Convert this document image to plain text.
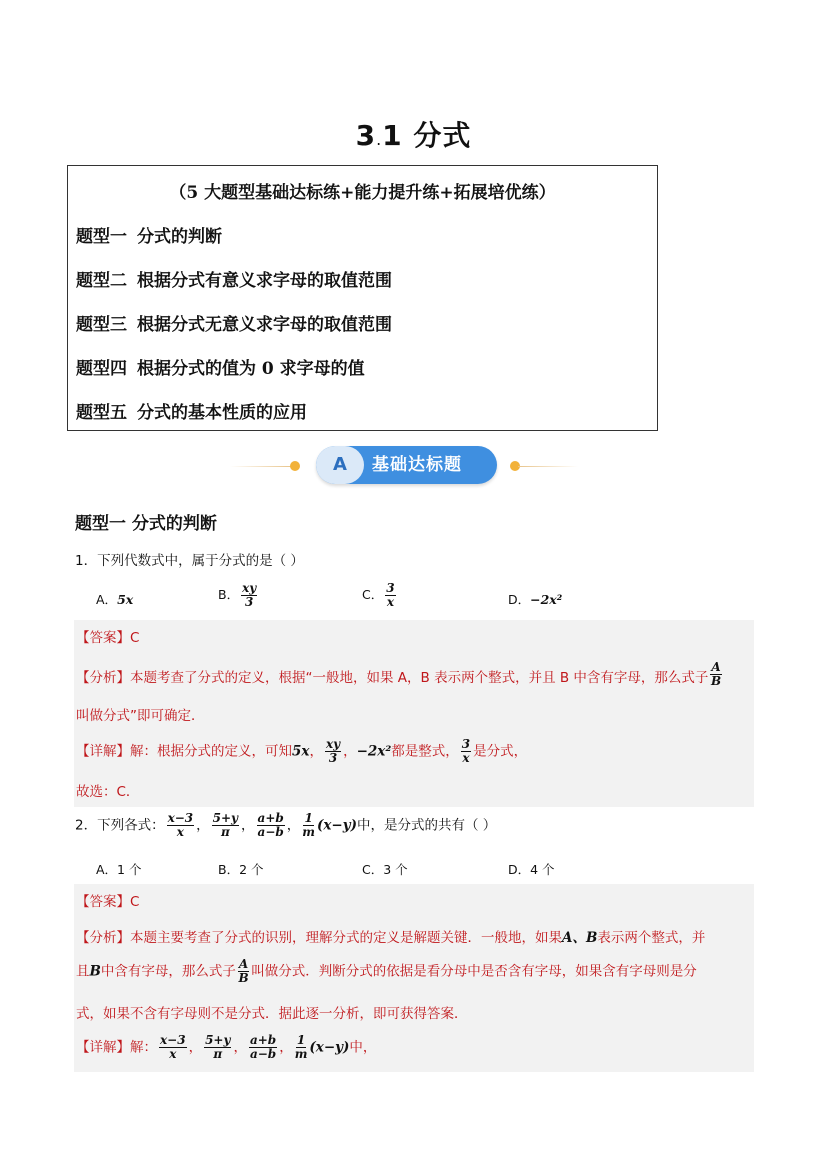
3.1 分式
（5 大题型基础达标练+能力提升练+拓展培优练）
题型一 分式的判断
题型二 根据分式有意义求字母的取值范围
题型三 根据分式无意义求字母的取值范围
题型四 根据分式的值为 0 求字母的值
题型五 分式的基本性质的应用
A	基础达标题
题型一 分式的判断
1．下列代数式中，属于分式的是（ ）
A．5x	B． $\frac{xy}{3}$	C． $\frac{3}{x}$	D．−2x²
【答案】C
【分析】本题考查了分式的定义，根据“一般地，如果 A，B 表示两个整式，并且 B 中含有字母，那么式子 $\frac{A}{B}$
叫做分式”即可确定．
【详解】解：根据分式的定义，可知5x， $\frac{xy}{3}$ ，−2x²都是整式， $\frac{3}{x}$ 是分式，
故选：C．
2．下列各式： $\frac{x-3}{x}$ ， $\frac{5+y}{\pi}$ ， $\frac{a+b}{a-b}$ ， $\frac{1}{m} (x-y)$中，是分式的共有（ ）
A．1 个	B．2 个	C．3 个	D．4 个
【答案】C
【分析】本题主要考查了分式的识别，理解分式的定义是解题关键．一般地，如果A、B表示两个整式，并
且B中含有字母，那么式子 $\frac{A}{B}$ 叫做分式．判断分式的依据是看分母中是否含有字母，如果含有字母则是分
式，如果不含有字母则不是分式．据此逐一分析，即可获得答案．
【详解】解： $\frac{x-3}{x}$ ， $\frac{5+y}{\pi}$ ， $\frac{a+b}{a-b}$ ， $\frac{1}{m} (x-y)$中，
